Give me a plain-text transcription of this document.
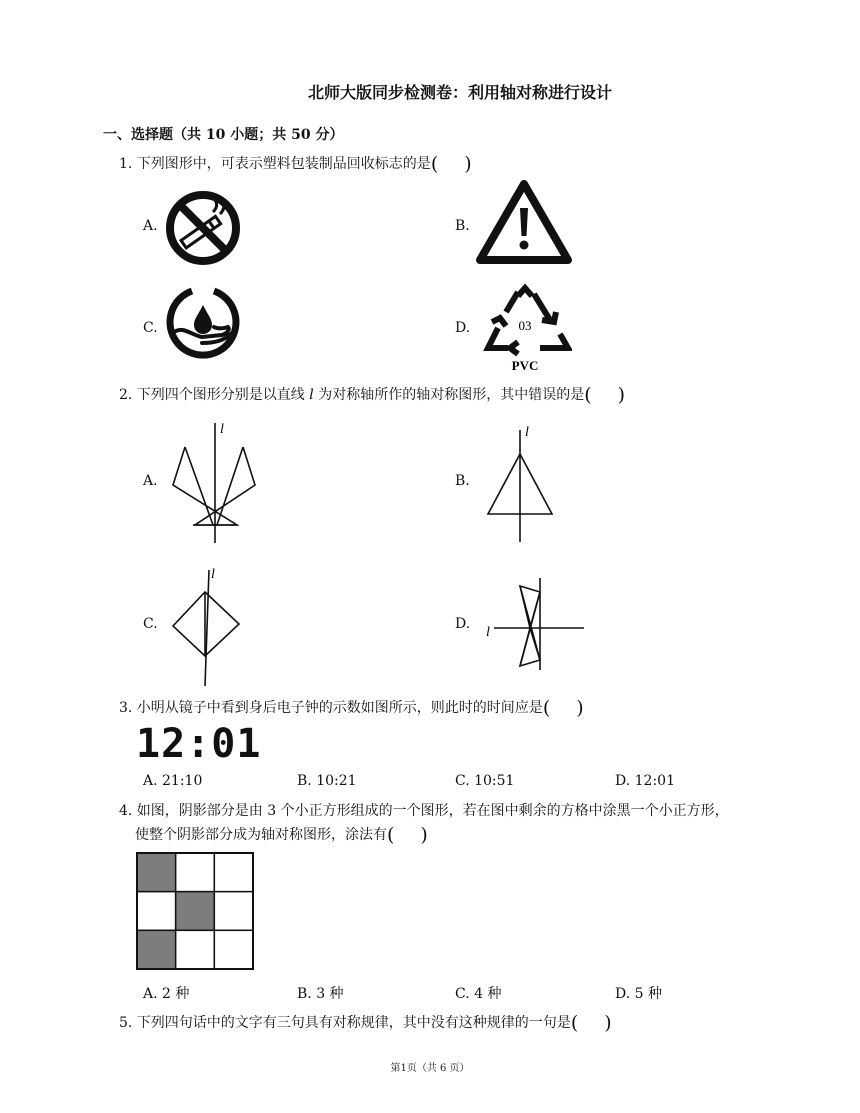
北师大版同步检测卷：利用轴对称进行设计
一、选择题（共 10 小题；共 50 分）
1. 下列图形中，可表示塑料包装制品回收标志的是( )
A.	B.
C.	D.	03
PVC
2. 下列四个图形分别是以直线 l 为对称轴所作的轴对称图形，其中错误的是( )
A.
l
B.
l
C.
l
D.
l
3. 小明从镜子中看到身后电子钟的示数如图所示，则此时的时间应是( )
12:01
A. 21:10	B. 10:21	C. 10:51	D. 12:01
4. 如图，阴影部分是由 3 个小正方形组成的一个图形，若在图中剩余的方格中涂黑一个小正方形，
使整个阴影部分成为轴对称图形，涂法有( )
A. 2 种	B. 3 种	C. 4 种	D. 5 种
5. 下列四句话中的文字有三句具有对称规律，其中没有这种规律的一句是( )
第1页（共 6 页）
